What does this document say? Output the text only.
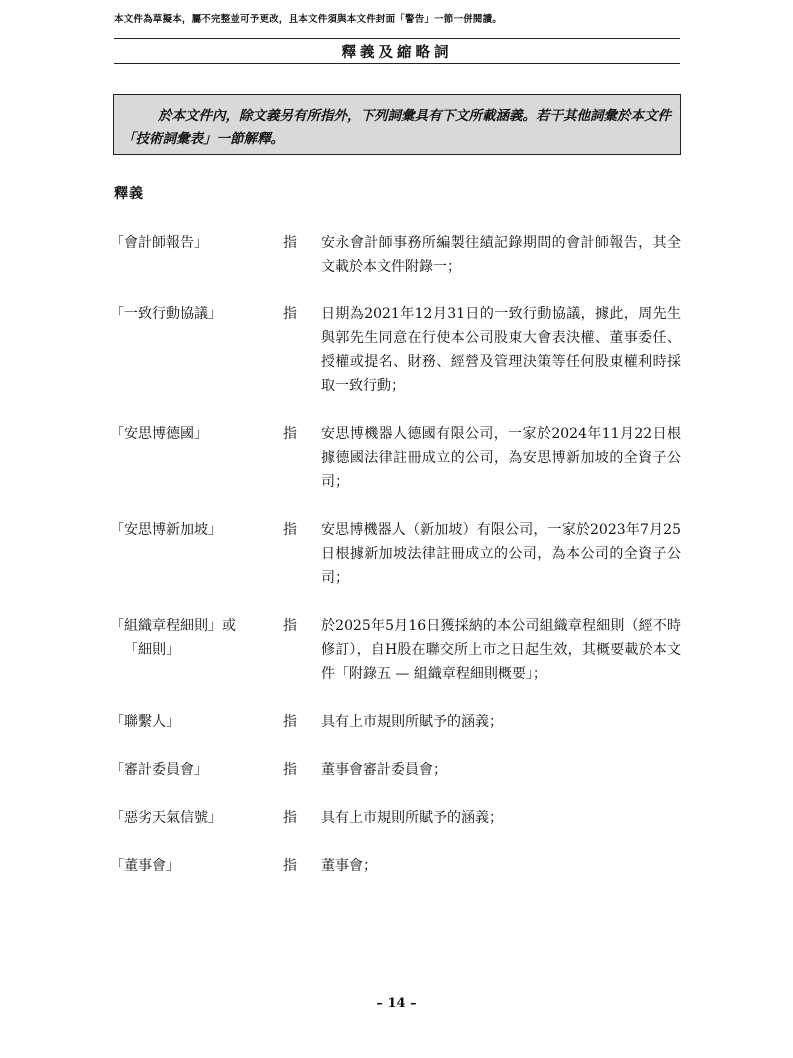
本文件為草擬本，屬不完整並可予更改，且本文件須與本文件封面「警告」一節一併閱讀。
釋義及縮略詞

於本文件內，除文義另有所指外，下列詞彙具有下文所載涵義。若干其他詞彙於本文件「技術詞彙表」一節解釋。

釋義
「會計師報告」	指	安永會計師事務所編製往績記錄期間的會計師報告，其全文載於本文件附錄一；
「一致行動協議」	指	日期為2021年12月31日的一致行動協議，據此，周先生與郭先生同意在行使本公司股東大會表決權、董事委任、授權或提名、財務、經營及管理決策等任何股東權利時採取一致行動；
「安思博德國」	指	安思博機器人德國有限公司，一家於2024年11月22日根據德國法律註冊成立的公司，為安思博新加坡的全資子公司；
「安思博新加坡」	指	安思博機器人（新加坡）有限公司，一家於2023年7月25日根據新加坡法律註冊成立的公司，為本公司的全資子公司；
「組織章程細則」或
「細則」
指	於2025年5月16日獲採納的本公司組織章程細則（經不時修訂），自H股在聯交所上市之日起生效，其概要載於本文件「附錄五 — 組織章程細則概要」；
「聯繫人」	指	具有上市規則所賦予的涵義；
「審計委員會」	指	董事會審計委員會；
「惡劣天氣信號」	指	具有上市規則所賦予的涵義；
「董事會」	指	董事會；
– 14 –
